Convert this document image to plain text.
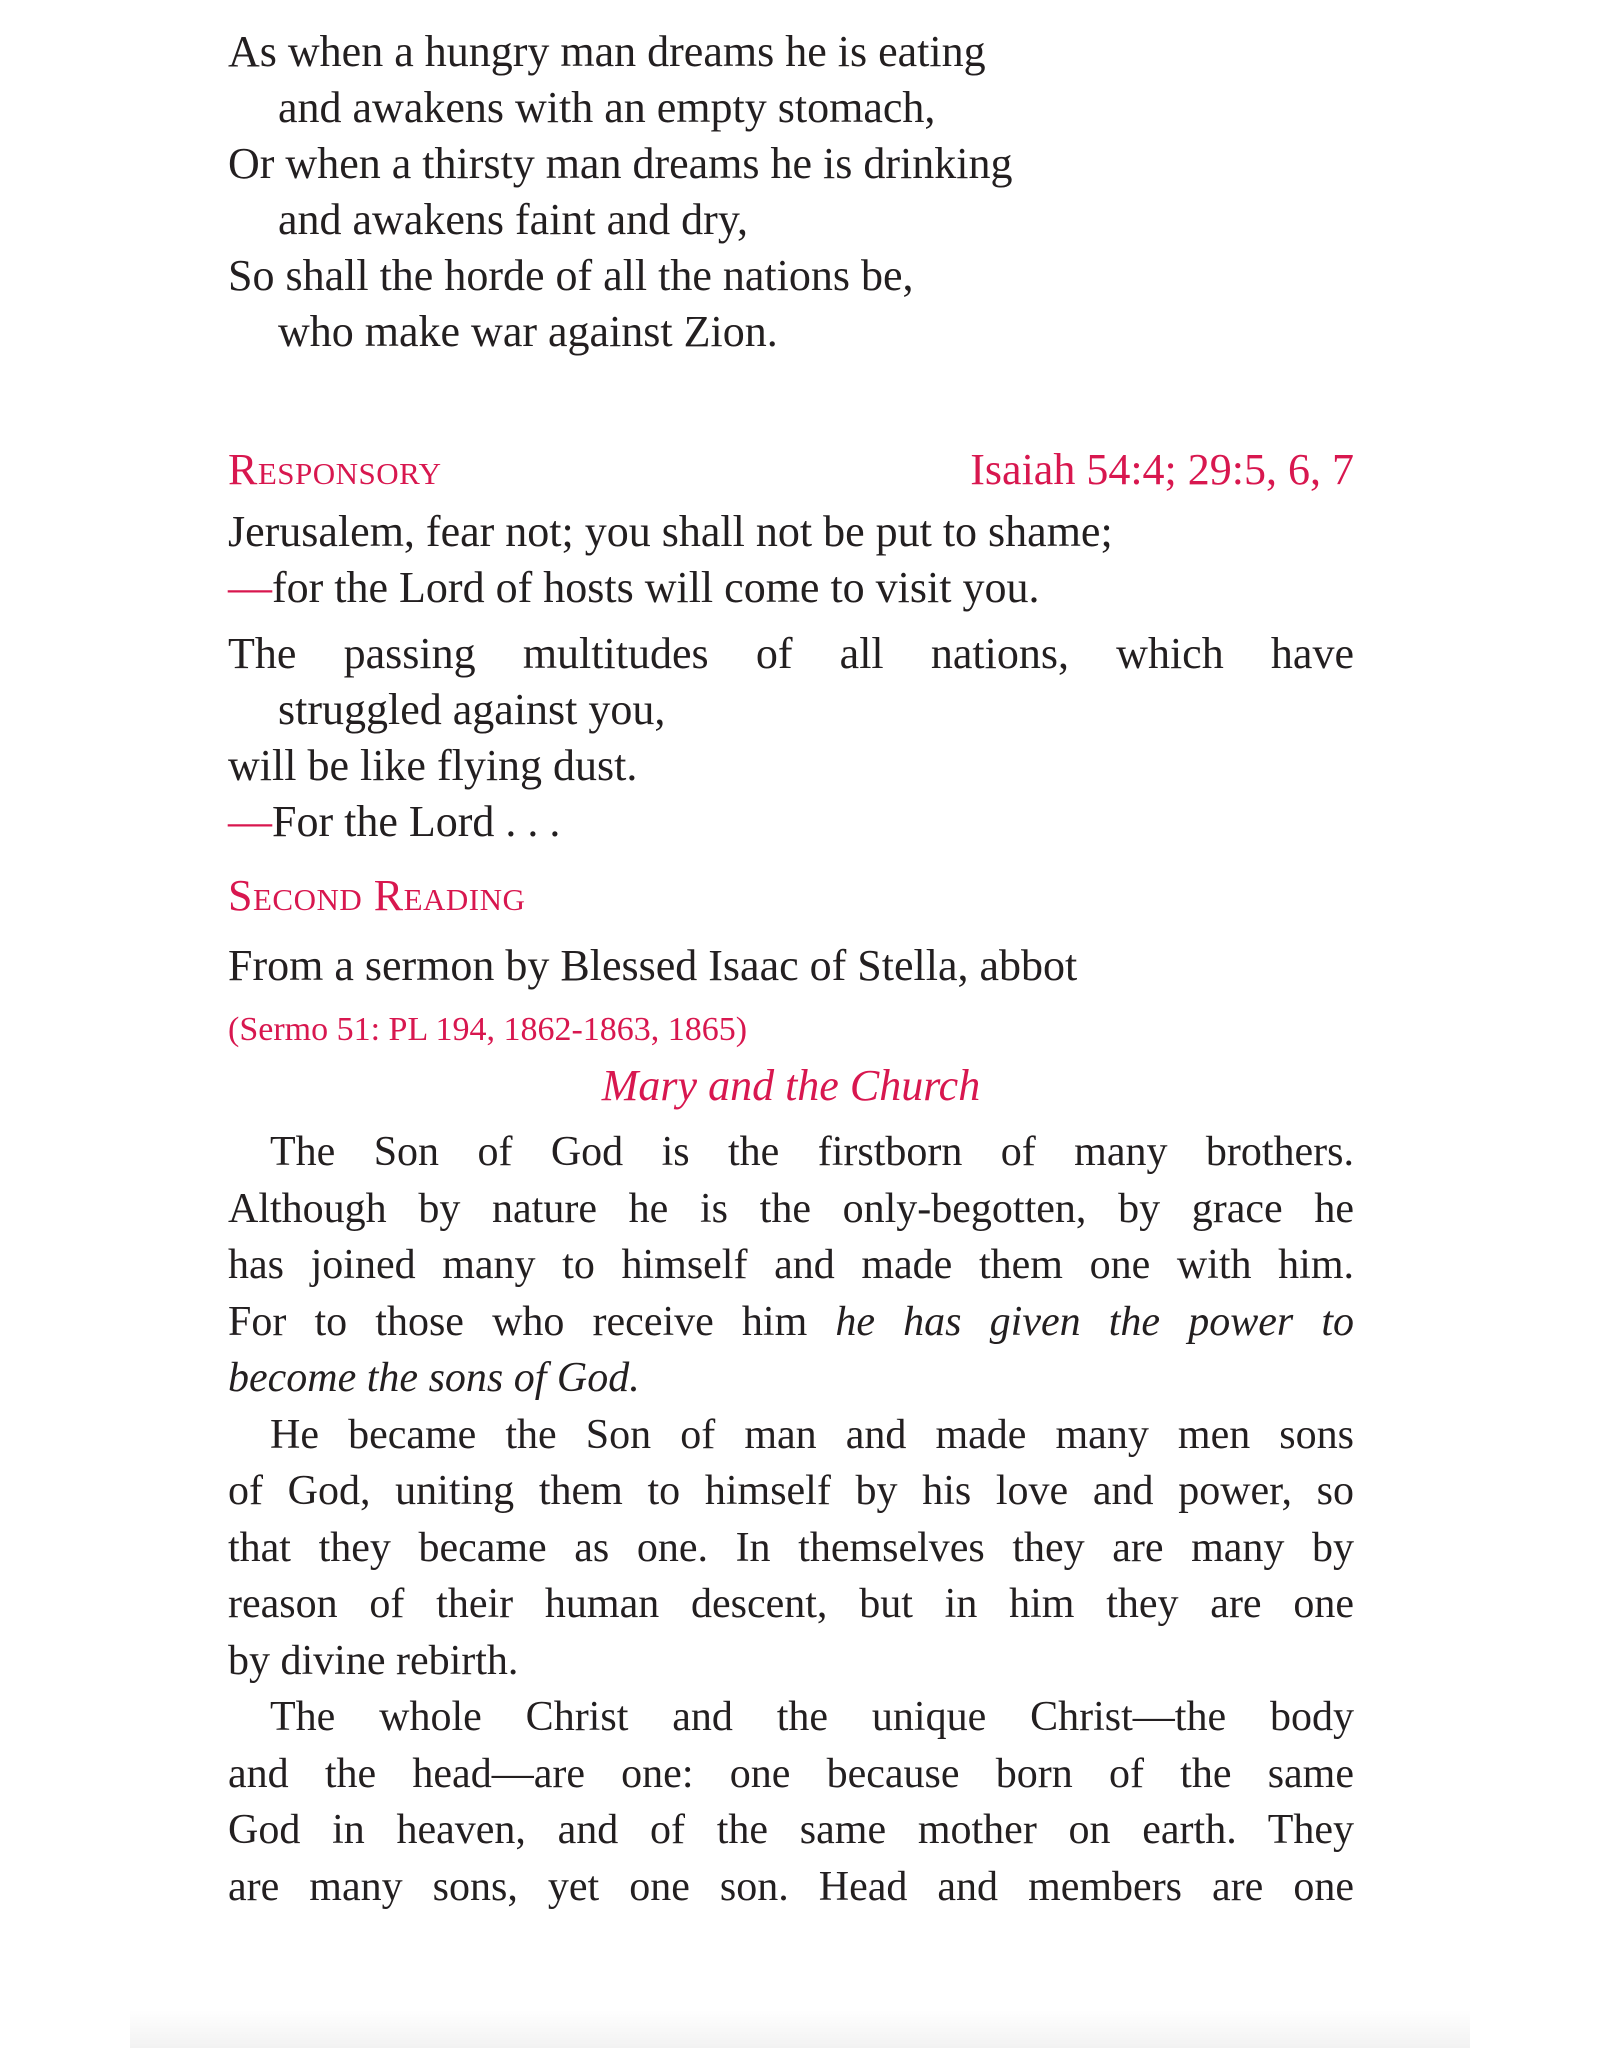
As when a hungry man dreams he is eating
and awakens with an empty stomach,
Or when a thirsty man dreams he is drinking
and awakens faint and dry,
So shall the horde of all the nations be,
who make war against Zion.
Responsory	Isaiah 54:4; 29:5, 6, 7
Jerusalem, fear not; you shall not be put to shame;
—for the Lord of hosts will come to visit you.
The passing multitudes of all nations, which have
struggled against you,
will be like flying dust.
—For the Lord . . .
Second Reading
From a sermon by Blessed Isaac of Stella, abbot
(Sermo 51: PL 194, 1862-1863, 1865)
Mary and the Church
The Son of God is the firstborn of many brothers.
Although by nature he is the only-begotten, by grace he
has joined many to himself and made them one with him.
For to those who receive him he has given the power to
become the sons of God.
He became the Son of man and made many men sons
of God, uniting them to himself by his love and power, so
that they became as one. In themselves they are many by
reason of their human descent, but in him they are one
by divine rebirth.
The whole Christ and the unique Christ—the body
and the head—are one: one because born of the same
God in heaven, and of the same mother on earth. They
are many sons, yet one son. Head and members are one
